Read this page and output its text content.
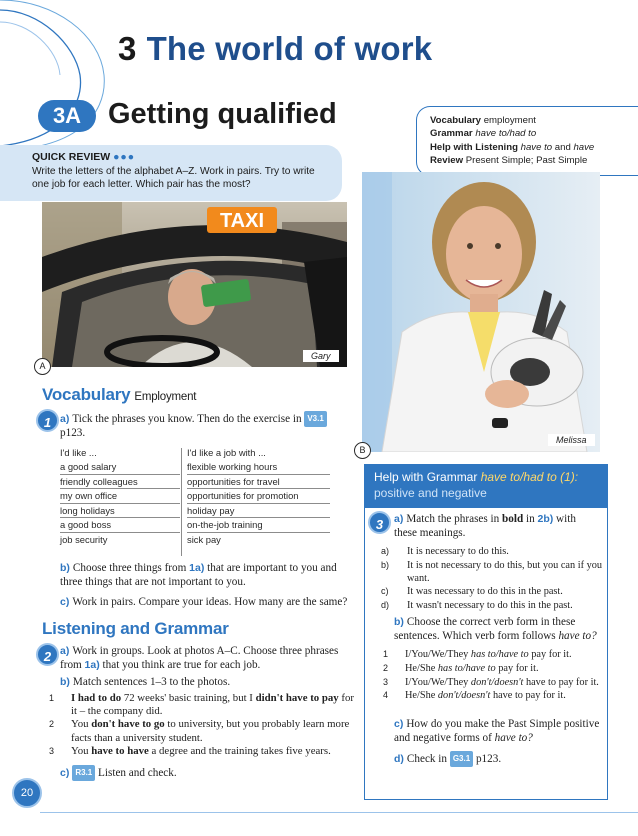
3 The world of work
3A Getting qualified	Vocabulary employment
Grammar have to/had to
Help with Listening have to and have
Review Present Simple; Past Simple
QUICK REVIEW ●●●
Write the letters of the alphabet A–Z. Work in pairs. Try to write one job for each letter. Which pair has the most?
TAXI
Gary
A
Melissa
B
Vocabulary Employment
1 a) Tick the phrases you know. Then do the exercise in V3.1 p123.
I'd like ...
a good salary
friendly colleagues
my own office
long holidays
a good boss
job security
I'd like a job with ...
flexible working hours
opportunities for travel
opportunities for promotion
holiday pay
on-the-job training
sick pay
b) Choose three things from 1a) that are important to you and three things that are not important to you.
c) Work in pairs. Compare your ideas. How many are the same?
Listening and Grammar
2 a) Work in groups. Look at photos A–C. Choose three phrases from 1a) that you think are true for each job.
b) Match sentences 1–3 to the photos.
1 I had to do 72 weeks' basic training, but I didn't have to pay for it – the company did.
2 You don't have to go to university, but you probably learn more facts than a university student.
3 You have to have a degree and the training takes five years.
c) R3.1 Listen and check.
Help with Grammar have to/had to (1):
positive and negative
3	a) Match the phrases in bold in 2b) with these meanings.
a) It is necessary to do this.
b) It is not necessary to do this, but you can if you want.
c) It was necessary to do this in the past.
d) It wasn't necessary to do this in the past.
b) Choose the correct verb form in these sentences. Which verb form follows have to?
1 I/You/We/They has to/have to pay for it.
2 He/She has to/have to pay for it.
3 I/You/We/They don't/doesn't have to pay for it.
4 He/She don't/doesn't have to pay for it.
c) How do you make the Past Simple positive and negative forms of have to?
d) Check in G3.1 p123.
20
